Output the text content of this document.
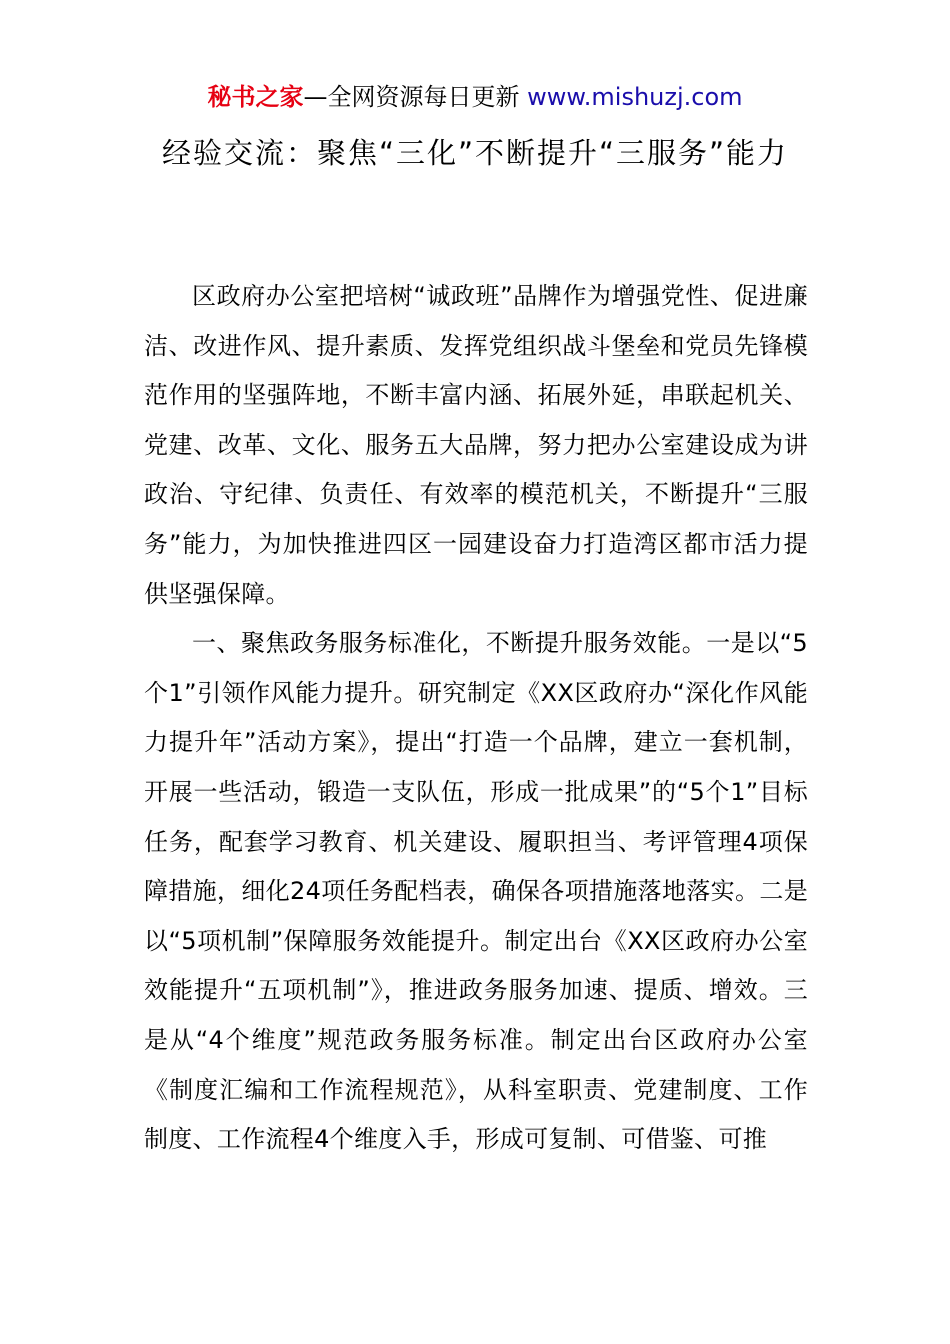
秘书之家—全网资源每日更新 www.mishuzj.com
经验交流：聚焦“三化”不断提升“三服务”能力

区政府办公室把培树“诚政班”品牌作为增强党性、促进廉洁、改进作风、提升素质、发挥党组织战斗堡垒和党员先锋模范作用的坚强阵地，不断丰富内涵、拓展外延，串联起机关、党建、改革、文化、服务五大品牌，努力把办公室建设成为讲政治、守纪律、负责任、有效率的模范机关，不断提升“三服务”能力，为加快推进四区一园建设奋力打造湾区都市活力提供坚强保障。

一、聚焦政务服务标准化，不断提升服务效能。一是以“5个1”引领作风能力提升。研究制定《XX区政府办“深化作风能力提升年”活动方案》，提出“打造一个品牌，建立一套机制，开展一些活动，锻造一支队伍，形成一批成果”的“5个1”目标任务，配套学习教育、机关建设、履职担当、考评管理4项保障措施，细化24项任务配档表，确保各项措施落地落实。二是以“5项机制”保障服务效能提升。制定出台《XX区政府办公室效能提升“五项机制”》，推进政务服务加速、提质、增效。三是从“4个维度”规范政务服务标准。制定出台区政府办公室《制度汇编和工作流程规范》，从科室职责、党建制度、工作制度、工作流程4个维度入手，形成可复制、可借鉴、可推
